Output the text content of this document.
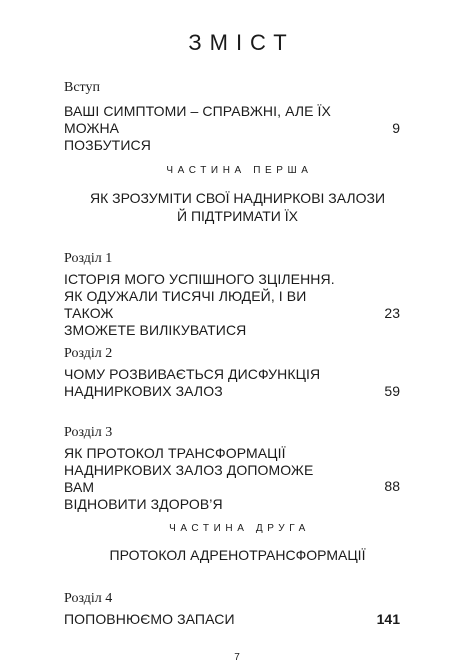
ЗМІСТ
Вступ
ВАШІ СИМПТОМИ – СПРАВЖНІ, АЛЕ ЇХ МОЖНА
ПОЗБУТИСЯ
9
ЧАСТИНА ПЕРША
ЯК ЗРОЗУМІТИ СВОЇ НАДНИРКОВІ ЗАЛОЗИ
Й ПІДТРИМАТИ ЇХ
Розділ 1
ІСТОРІЯ МОГО УСПІШНОГО ЗЦІЛЕННЯ.
ЯК ОДУЖАЛИ ТИСЯЧІ ЛЮДЕЙ, І ВИ ТАКОЖ
ЗМОЖЕТЕ ВИЛІКУВАТИСЯ
23
Розділ 2
ЧОМУ РОЗВИВАЄТЬСЯ ДИСФУНКЦІЯ
НАДНИРКОВИХ ЗАЛОЗ	59
Розділ 3
ЯК ПРОТОКОЛ ТРАНСФОРМАЦІЇ
НАДНИРКОВИХ ЗАЛОЗ ДОПОМОЖЕ ВАМ
ВІДНОВИТИ ЗДОРОВ’Я
88
ЧАСТИНА ДРУГА
ПРОТОКОЛ АДРЕНОТРАНСФОРМАЦІЇ
Розділ 4
ПОПОВНЮЄМО ЗАПАСИ	141
7
